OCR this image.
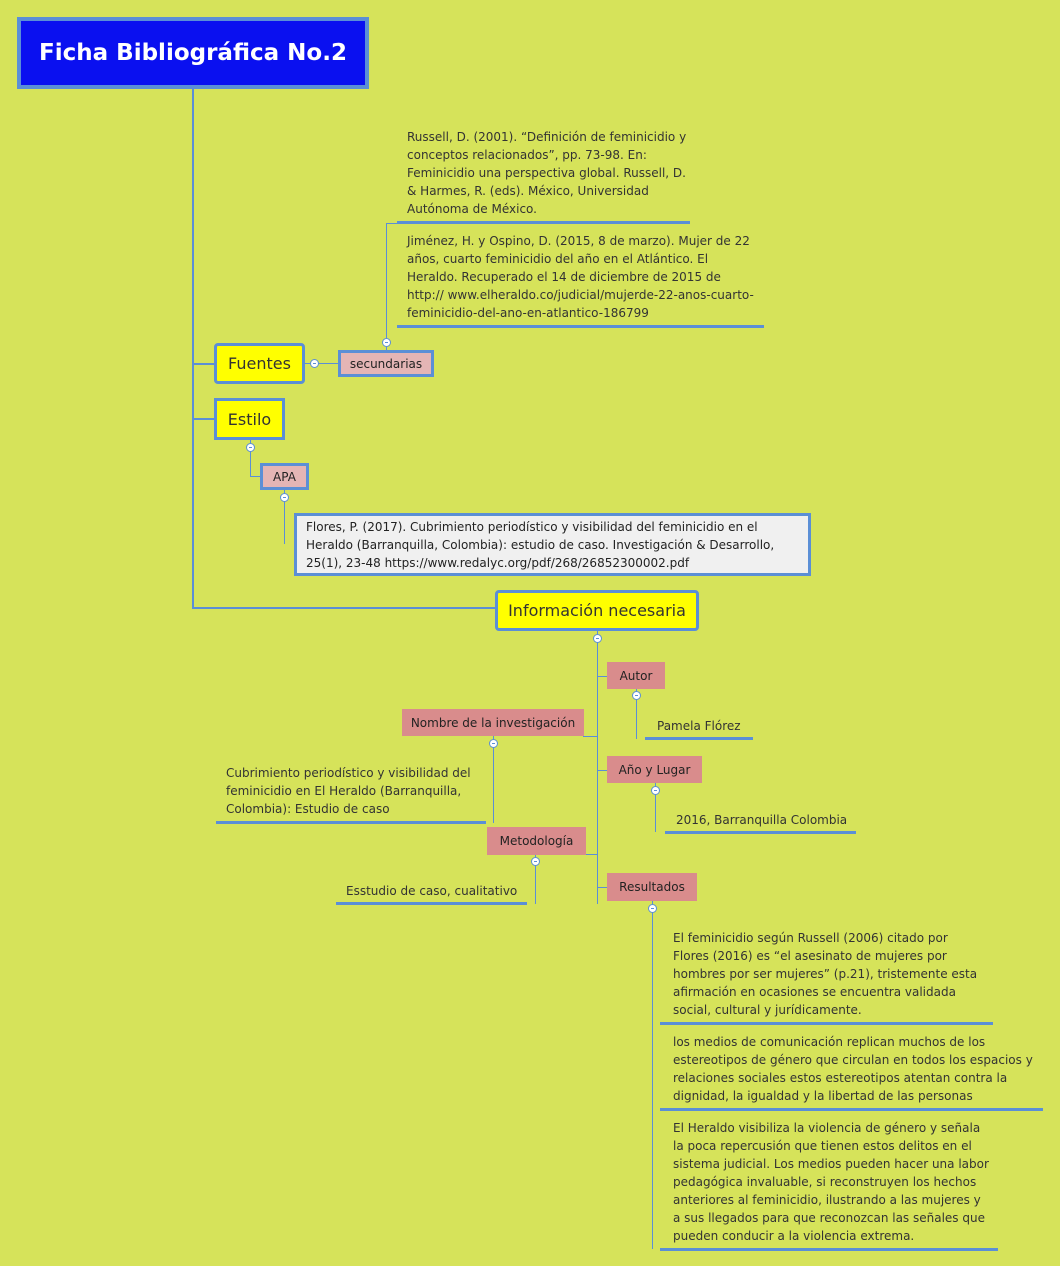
Ficha Bibliográfica No.2
Fuentes	secundarias
Russell, D. (2001). “Definición de feminicidio y conceptos relacionados”, pp. 73-98. En: Feminicidio una perspectiva global. Russell, D. & Harmes, R. (eds). México, Universidad Autónoma de México.
Jiménez, H. y Ospino, D. (2015, 8 de marzo). Mujer de 22 años, cuarto feminicidio del año en el Atlántico. El Heraldo. Recuperado el 14 de diciembre de 2015 de http:// www.elheraldo.co/judicial/mujerde-22-anos-cuarto-feminicidio-del-ano-en-atlantico-186799
Estilo
APA
Flores, P. (2017). Cubrimiento periodístico y visibilidad del feminicidio en el Heraldo (Barranquilla, Colombia): estudio de caso. Investigación & Desarrollo, 25(1), 23-48 https://www.redalyc.org/pdf/268/26852300002.pdf
Información necesaria
Autor
Pamela Flórez
Nombre de la investigación
Cubrimiento periodístico y visibilidad del feminicidio en El Heraldo (Barranquilla, Colombia): Estudio de caso
Año y Lugar
2016, Barranquilla Colombia
Metodología
Esstudio de caso, cualitativo	Resultados
El feminicidio según Russell (2006) citado por Flores (2016) es “el asesinato de mujeres por hombres por ser mujeres” (p.21), tristemente esta afirmación en ocasiones se encuentra validada social, cultural y jurídicamente.
los medios de comunicación replican muchos de los estereotipos de género que circulan en todos los espacios y relaciones sociales estos estereotipos atentan contra la dignidad, la igualdad y la libertad de las personas
El Heraldo visibiliza la violencia de género y señala la poca repercusión que tienen estos delitos en el sistema judicial. Los medios pueden hacer una labor pedagógica invaluable, si reconstruyen los hechos anteriores al feminicidio, ilustrando a las mujeres y a sus llegados para que reconozcan las señales que pueden conducir a la violencia extrema.
